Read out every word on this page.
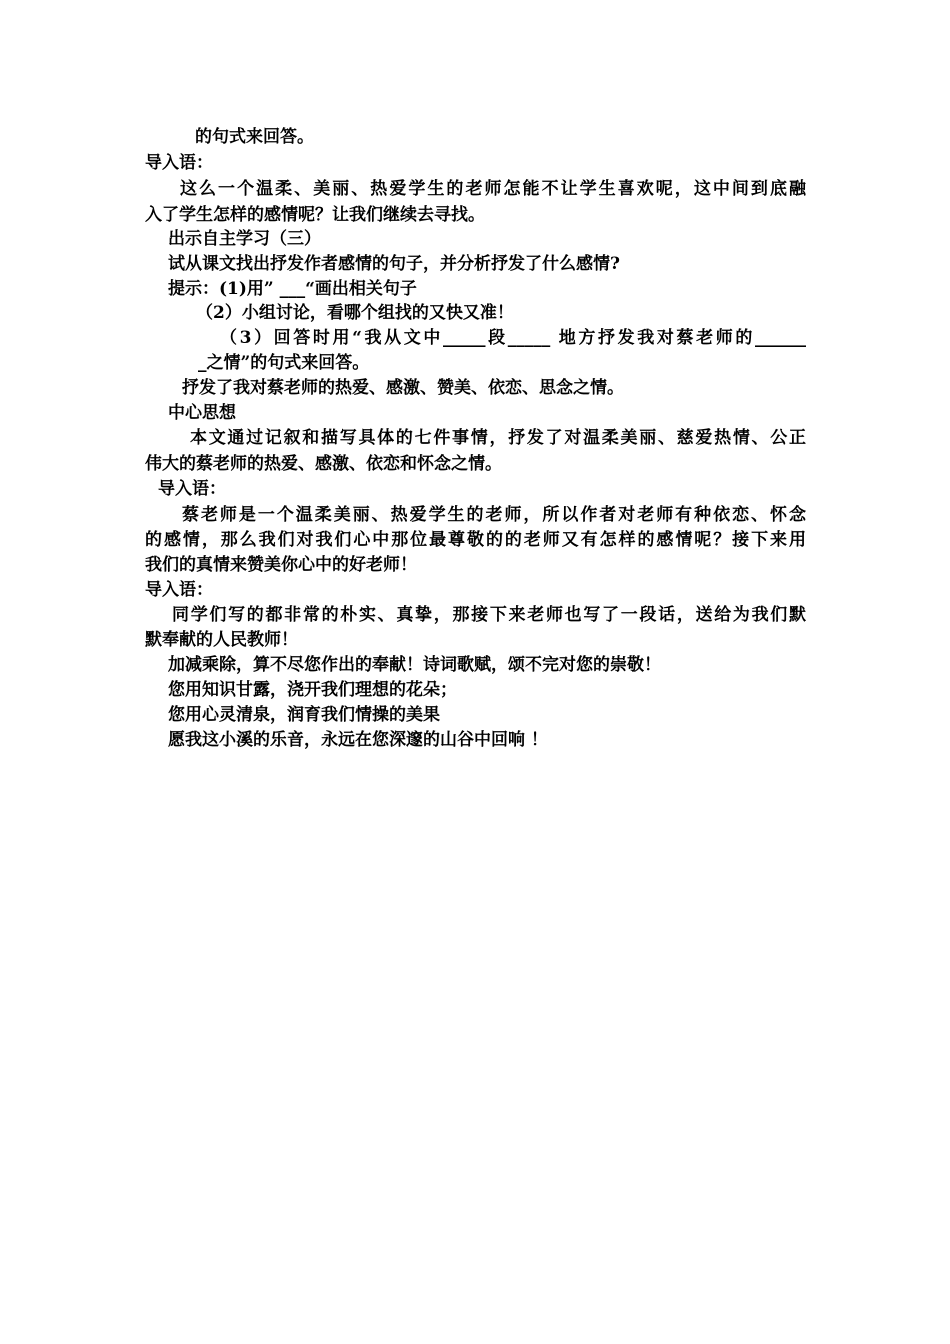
的句式来回答。
导入语：
这么一个温柔、美丽、热爱学生的老师怎能不让学生喜欢呢，这中间到底融
入了学生怎样的感情呢？让我们继续去寻找。
出示自主学习（三）
试从课文找出抒发作者感情的句子，并分析抒发了什么感情?
提示：(1)用” ___“画出相关句子
（2）小组讨论，看哪个组找的又快又准！
（3）回答时用“我从文中_____段_____ 地方抒发我对蔡老师的______
_之情”的句式来回答。
抒发了我对蔡老师的热爱、感激、赞美、依恋、思念之情。
中心思想
本文通过记叙和描写具体的七件事情，抒发了对温柔美丽、慈爱热情、公正
伟大的蔡老师的热爱、感激、依恋和怀念之情。
导入语：
蔡老师是一个温柔美丽、热爱学生的老师，所以作者对老师有种依恋、怀念
的感情，那么我们对我们心中那位最尊敬的的老师又有怎样的感情呢？接下来用
我们的真情来赞美你心中的好老师！
导入语：
同学们写的都非常的朴实、真挚，那接下来老师也写了一段话，送给为我们默
默奉献的人民教师！
加减乘除，算不尽您作出的奉献！诗词歌赋，颂不完对您的崇敬！
您用知识甘露，浇开我们理想的花朵；
您用心灵清泉，润育我们情操的美果
愿我这小溪的乐音，永远在您深邃的山谷中回响 ！
